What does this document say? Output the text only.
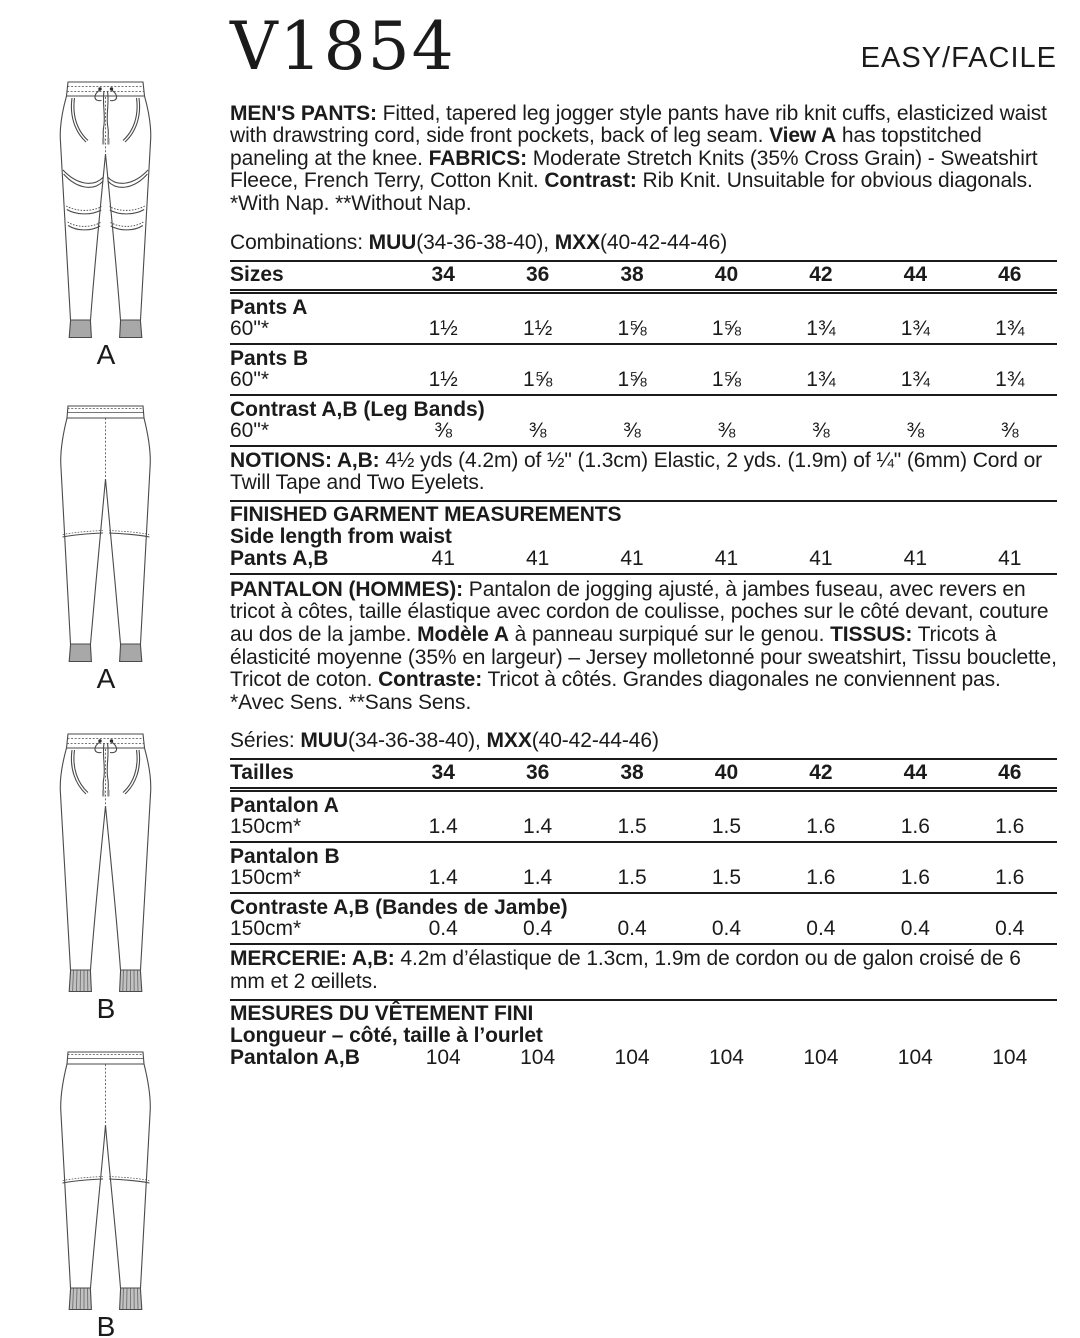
A
A
B
B
V1854	EASY/FACILE

MEN'S PANTS: Fitted, tapered leg jogger style pants have rib knit cuffs, elasticized waist with drawstring cord, side front pockets, back of leg seam. View A has topstitched paneling at the knee. FABRICS: Moderate Stretch Knits (35% Cross Grain) - Sweatshirt Fleece, French Terry, Cotton Knit. Contrast: Rib Knit. Unsuitable for obvious diagonals. *With Nap. **Without Nap.

Combinations: MUU(34-36-38-40), MXX(40-42-44-46)

Sizes	34	36	38	40	42	44	46
Pants A							
60"*	1½	1½	1⅝	1⅝	1¾	1¾	1¾
Pants B							
60"*	1½	1⅝	1⅝	1⅝	1¾	1¾	1¾
Contrast A,B (Leg Bands)							
60"*	⅜	⅜	⅜	⅜	⅜	⅜	⅜

NOTIONS: A,B: 4½ yds (4.2m) of ½" (1.3cm) Elastic, 2 yds. (1.9m) of ¼" (6mm) Cord or Twill Tape and Two Eyelets.

FINISHED GARMENT MEASUREMENTS
Side length from waist
Pants A,B	41	41	41	41	41	41	41

PANTALON (HOMMES): Pantalon de jogging ajusté, à jambes fuseau, avec revers en tricot à côtes, taille élastique avec cordon de coulisse, poches sur le côté devant, couture au dos de la jambe. Modèle A à panneau surpiqué sur le genou. TISSUS: Tricots à élasticité moyenne (35% en largeur) – Jersey molletonné pour sweatshirt, Tissu bouclette, Tricot de coton. Contraste: Tricot à côtés. Grandes diagonales ne conviennent pas. *Avec Sens. **Sans Sens.

Séries: MUU(34-36-38-40), MXX(40-42-44-46)

Tailles	34	36	38	40	42	44	46
Pantalon A							
150cm*	1.4	1.4	1.5	1.5	1.6	1.6	1.6
Pantalon B							
150cm*	1.4	1.4	1.5	1.5	1.6	1.6	1.6
Contraste A,B (Bandes de Jambe)							
150cm*	0.4	0.4	0.4	0.4	0.4	0.4	0.4

MERCERIE: A,B: 4.2m d’élastique de 1.3cm, 1.9m de cordon ou de galon croisé de 6 mm et 2 œillets.

MESURES DU VÊTEMENT FINI
Longueur – côté, taille à l’ourlet
Pantalon A,B	104	104	104	104	104	104	104
